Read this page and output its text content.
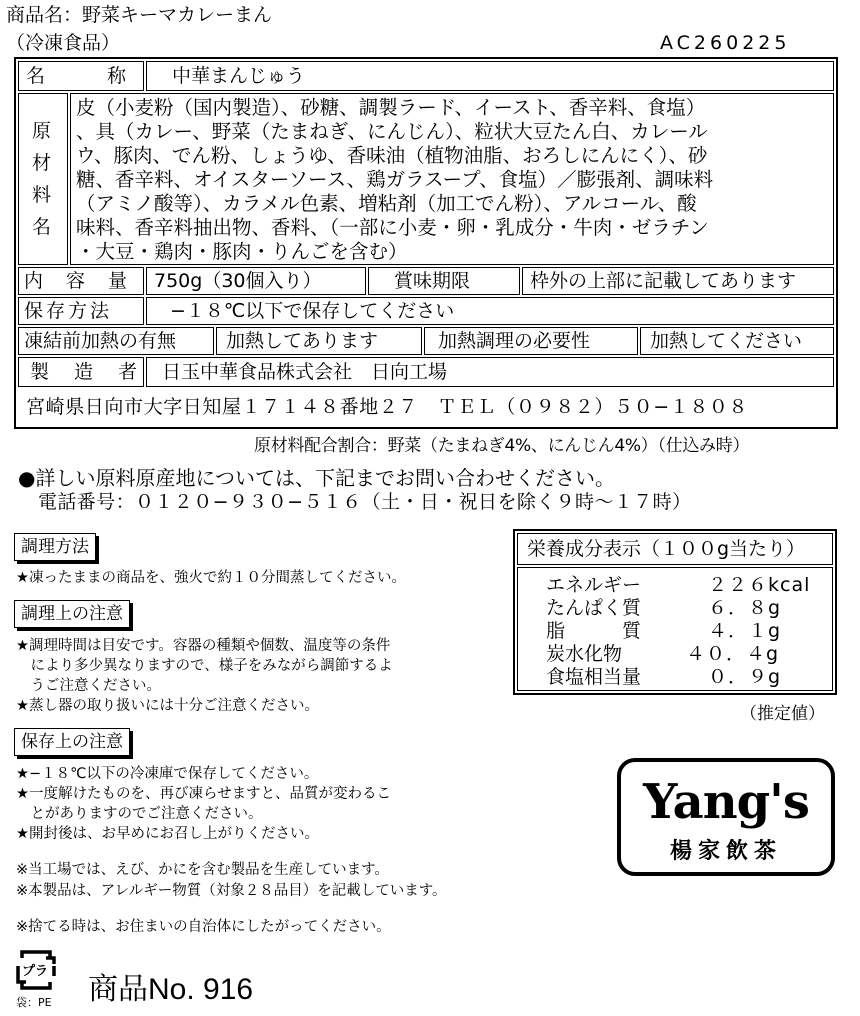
商品名：野菜キーマカレーまん
（冷凍食品）	AC260225
名　　称 中華まんじゅう
原
材
料
名
皮（小麦粉（国内製造）、砂糖、調製ラード、イースト、香辛料、食塩）
、具（カレー、野菜（たまねぎ、にんじん）、粒状大豆たん白、カレール
ウ、豚肉、でん粉、しょうゆ、香味油（植物油脂、おろしにんにく）、砂
糖、香辛料、オイスターソース、鶏ガラスープ、食塩）／膨張剤、調味料
（アミノ酸等）、カラメル色素、増粘剤（加工でん粉）、アルコール、酸
味料、香辛料抽出物、香料、（一部に小麦・卵・乳成分・牛肉・ゼラチン
・大豆・鶏肉・豚肉・りんごを含む）
内　容　量 750g（30個入り）	賞味期限	枠外の上部に記載してあります
保存方法	−１８℃以下で保存してください
凍結前加熱の有無	加熱してあります	加熱調理の必要性	加熱してください
製　造　者 日玉中華食品株式会社　日向工場
宮崎県日向市大字日知屋１７１４８番地２７　ＴＥＬ（０９８２）５０−１８０８
原材料配合割合：野菜（たまねぎ4%、にんじん4%）（仕込み時）
●詳しい原料原産地については、下記までお問い合わせください。
電話番号：０１２０−９３０−５１６（土・日・祝日を除く９時〜１７時）
調理方法
★凍ったままの商品を、強火で約１０分間蒸してください。
調理上の注意
★調理時間は目安です。容器の種類や個数、温度等の条件
　により多少異なりますので、様子をみながら調節するよ
　うご注意ください。
★蒸し器の取り扱いには十分ご注意ください。
保存上の注意
★−１８℃以下の冷凍庫で保存してください。
★一度解けたものを、再び凍らせますと、品質が変わるこ
　とがありますのでご注意ください。
★開封後は、お早めにお召し上がりください。
※当工場では、えび、かにを含む製品を生産しています。
※本製品は、アレルギー物質（対象２８品目）を記載しています。
※捨てる時は、お住まいの自治体にしたがってください。
栄養成分表示（１００g当たり）
エネルギー	２２６kcal
たんぱく質	６．８g
脂　　　質	４．１g
炭水化物	４０．４g
食塩相当量	０．９g
（推定値）
Yang's
楊家飲茶
プラ
袋：PE 商品No. 916
